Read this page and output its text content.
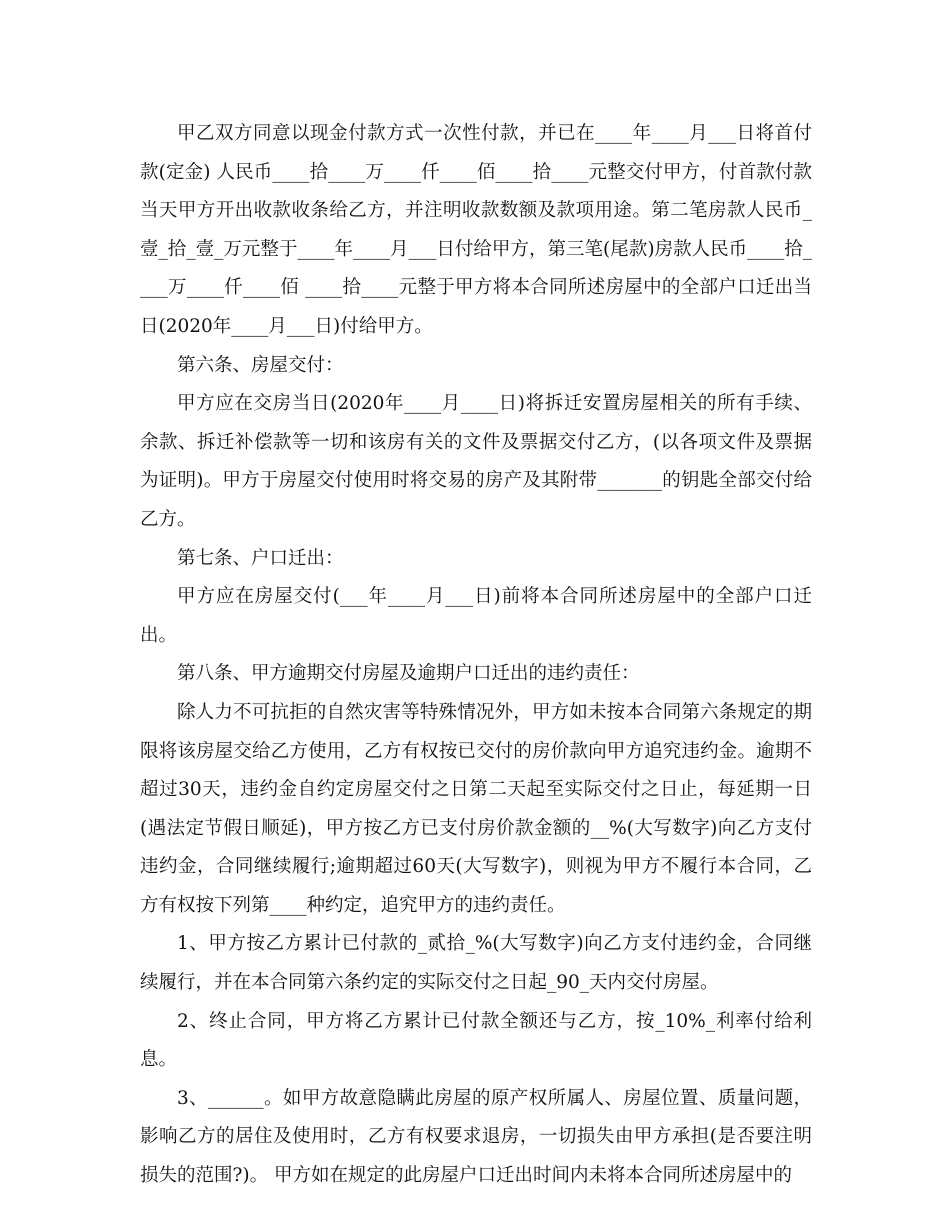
甲乙双方同意以现金付款方式一次性付款，并已在____年____月___日将首付款(定金) 人民币____拾____万____仟____佰____拾____元整交付甲方，付首款付款当天甲方开出收款收条给乙方，并注明收款数额及款项用途。第二笔房款人民币_壹_拾_壹_万元整于____年____月___日付给甲方，第三笔(尾款)房款人民币____拾____万____仟____佰 ____拾____元整于甲方将本合同所述房屋中的全部户口迁出当日(2020年____月___日)付给甲方。

第六条、房屋交付：

甲方应在交房当日(2020年____月____日)将拆迁安置房屋相关的所有手续、余款、拆迁补偿款等一切和该房有关的文件及票据交付乙方，(以各项文件及票据为证明)。甲方于房屋交付使用时将交易的房产及其附带_______的钥匙全部交付给乙方。

第七条、户口迁出：

甲方应在房屋交付(___年____月___日)前将本合同所述房屋中的全部户口迁出。

第八条、甲方逾期交付房屋及逾期户口迁出的违约责任：

除人力不可抗拒的自然灾害等特殊情况外，甲方如未按本合同第六条规定的期限将该房屋交给乙方使用，乙方有权按已交付的房价款向甲方追究违约金。逾期不超过30天，违约金自约定房屋交付之日第二天起至实际交付之日止，每延期一日(遇法定节假日顺延)，甲方按乙方已支付房价款金额的__%(大写数字)向乙方支付违约金，合同继续履行;逾期超过60天(大写数字)，则视为甲方不履行本合同，乙方有权按下列第____种约定，追究甲方的违约责任。

1、甲方按乙方累计已付款的_贰拾_%(大写数字)向乙方支付违约金，合同继续履行，并在本合同第六条约定的实际交付之日起_90_天内交付房屋。

2、终止合同，甲方将乙方累计已付款全额还与乙方，按_10%_利率付给利息。

3、______。如甲方故意隐瞒此房屋的原产权所属人、房屋位置、质量问题，影响乙方的居住及使用时，乙方有权要求退房，一切损失由甲方承担(是否要注明损失的范围?)。 甲方如在规定的此房屋户口迁出时间内未将本合同所述房屋中的
